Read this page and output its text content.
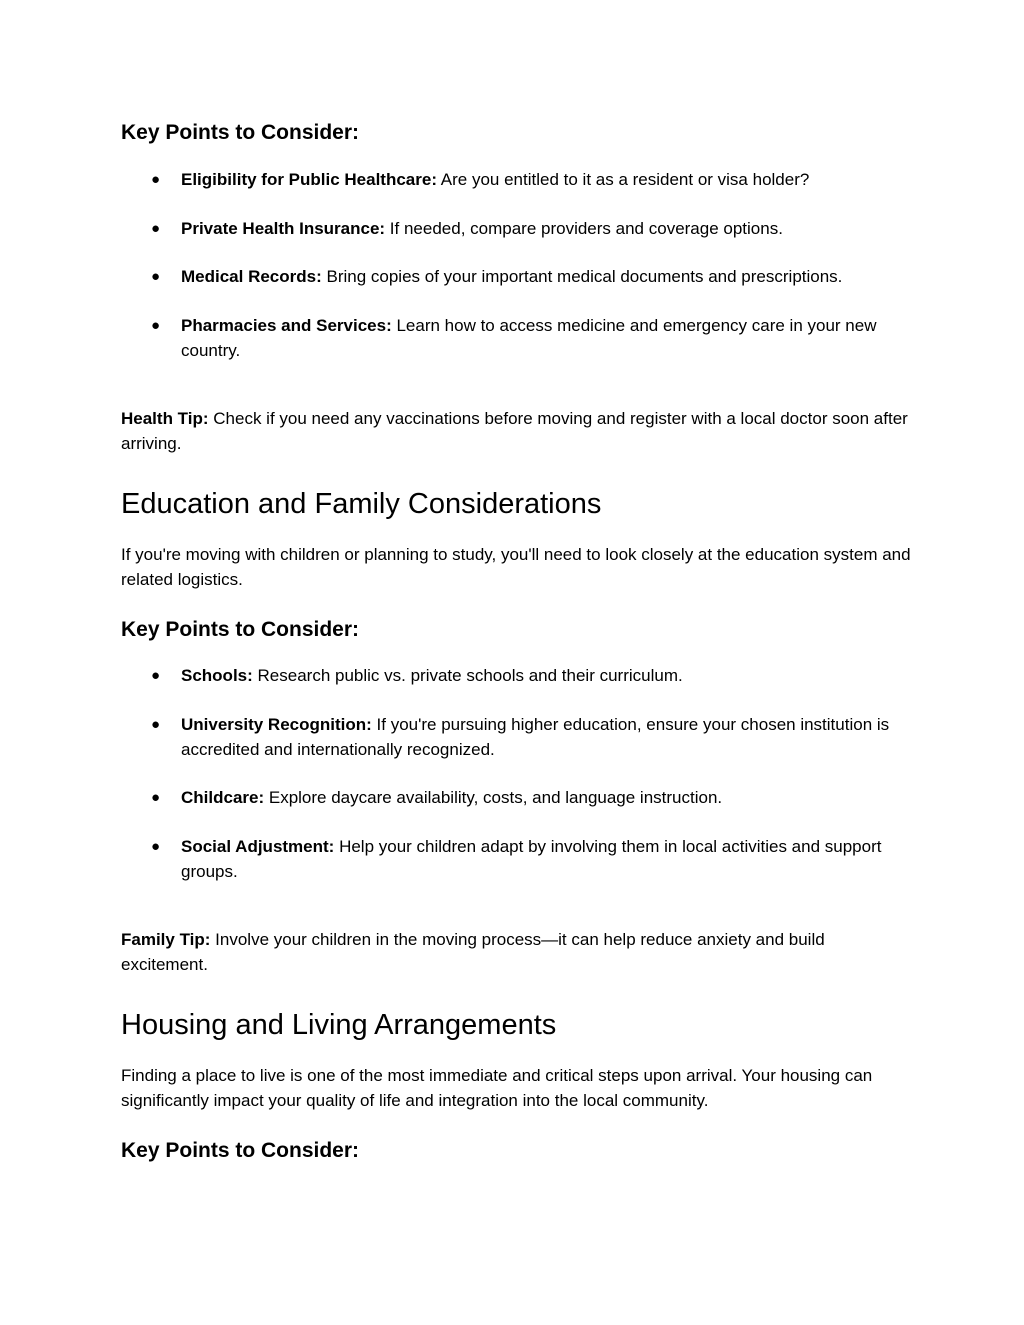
Key Points to Consider:
● Eligibility for Public Healthcare: Are you entitled to it as a resident or visa holder?
● Private Health Insurance: If needed, compare providers and coverage options.
● Medical Records: Bring copies of your important medical documents and prescriptions.
● Pharmacies and Services: Learn how to access medicine and emergency care in your new country.

Health Tip: Check if you need any vaccinations before moving and register with a local doctor soon after arriving.

Education and Family Considerations

If you're moving with children or planning to study, you'll need to look closely at the education system and related logistics.

Key Points to Consider:
● Schools: Research public vs. private schools and their curriculum.
● University Recognition: If you're pursuing higher education, ensure your chosen institution is accredited and internationally recognized.
● Childcare: Explore daycare availability, costs, and language instruction.
● Social Adjustment: Help your children adapt by involving them in local activities and support groups.

Family Tip: Involve your children in the moving process—it can help reduce anxiety and build excitement.

Housing and Living Arrangements

Finding a place to live is one of the most immediate and critical steps upon arrival. Your housing can significantly impact your quality of life and integration into the local community.

Key Points to Consider:
